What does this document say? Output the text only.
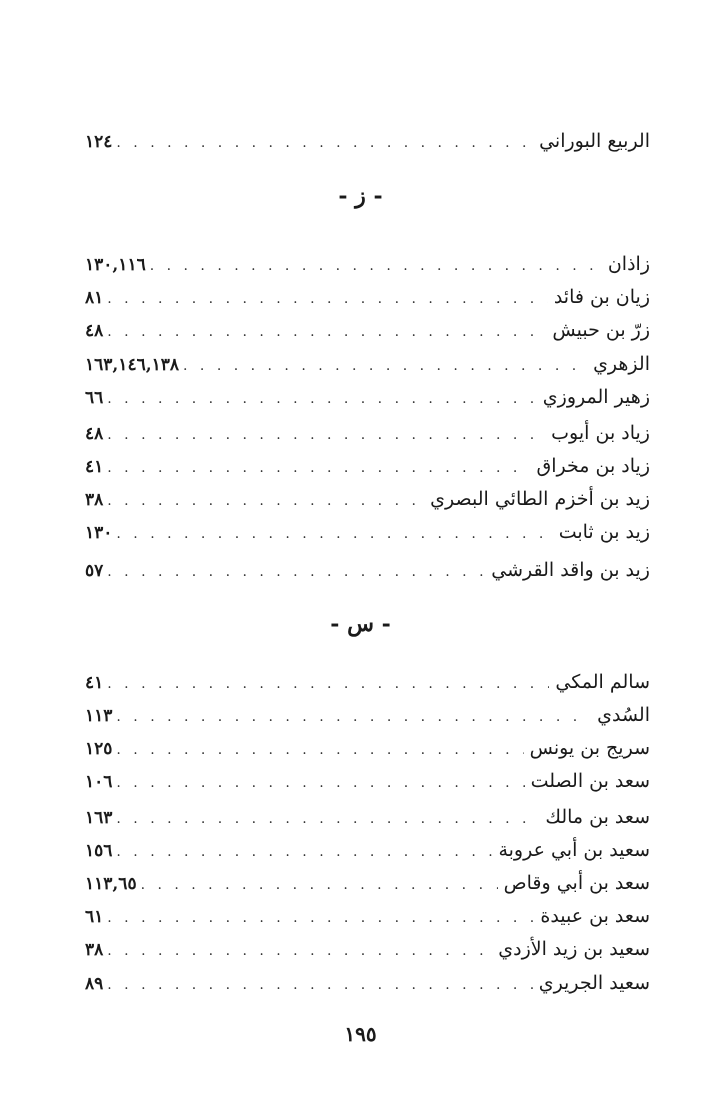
الربيع البوراني
. . .
١٢٤
- ز -
زاذان
. . .
١٣٠,١١٦
زيان بن فائد
. . .
٨١
زرّ بن حبيش
. . .
٤٨
الزهري
. . .
١٦٣,١٤٦,١٣٨
زهير المروزي
. . .
٦٦
زياد بن أيوب
. . .
٤٨
زياد بن مخراق
. . .
٤١
زيد بن أخزم الطائي البصري
. . .
٣٨
زيد بن ثابت
. . .
١٣٠
زيد بن واقد القرشي
. . .
٥٧
- س -
سالم المكي
. . .
٤١
السُدي
. . .
١١٣
سريج بن يونس
. . .
١٢٥
سعد بن الصلت
. . .
١٠٦
سعد بن مالك
. . .
١٦٣
سعيد بن أبي عروبة
. . .
١٥٦
سعد بن أبي وقاص
. . .
١١٣,٦٥
سعد بن عبيدة
. . .
٦١
سعيد بن زيد الأزدي
. . .
٣٨
سعيد الجريري
. . .
٨٩
١٩٥
